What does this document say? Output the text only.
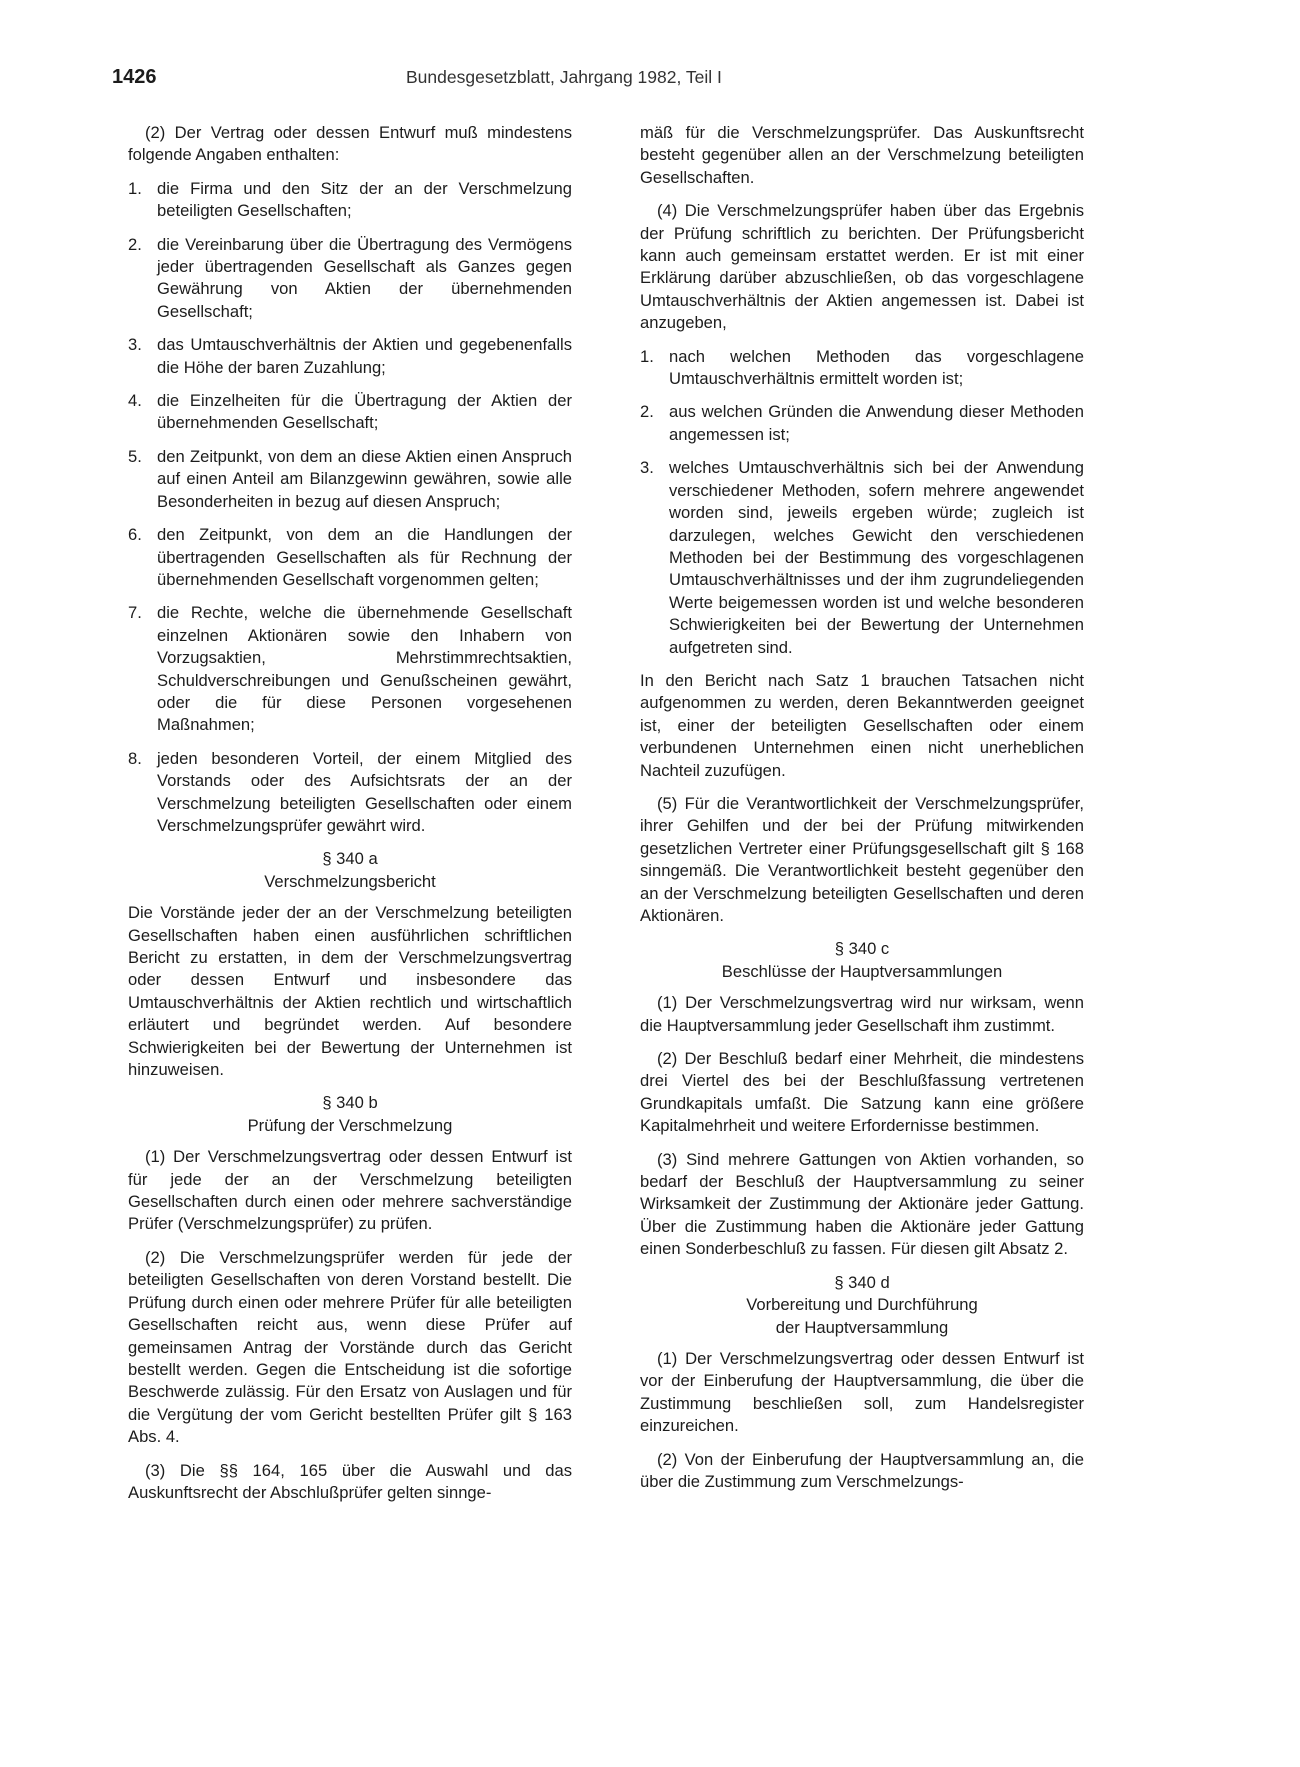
1426	Bundesgesetzblatt, Jahrgang 1982, Teil I

(2) Der Vertrag oder dessen Entwurf muß mindestens folgende Angaben enthalten:

1. die Firma und den Sitz der an der Verschmelzung beteiligten Gesellschaften;
2. die Vereinbarung über die Übertragung des Vermögens jeder übertragenden Gesellschaft als Ganzes gegen Gewährung von Aktien der übernehmenden Gesellschaft;
3. das Umtauschverhältnis der Aktien und gegebenenfalls die Höhe der baren Zuzahlung;
4. die Einzelheiten für die Übertragung der Aktien der übernehmenden Gesellschaft;
5. den Zeitpunkt, von dem an diese Aktien einen Anspruch auf einen Anteil am Bilanzgewinn gewähren, sowie alle Besonderheiten in bezug auf diesen Anspruch;
6. den Zeitpunkt, von dem an die Handlungen der übertragenden Gesellschaften als für Rechnung der übernehmenden Gesellschaft vorgenommen gelten;
7. die Rechte, welche die übernehmende Gesellschaft einzelnen Aktionären sowie den Inhabern von Vorzugsaktien, Mehrstimmrechtsaktien, Schuldverschreibungen und Genußscheinen gewährt, oder die für diese Personen vorgesehenen Maßnahmen;
8. jeden besonderen Vorteil, der einem Mitglied des Vorstands oder des Aufsichtsrats der an der Verschmelzung beteiligten Gesellschaften oder einem Verschmelzungsprüfer gewährt wird.
§ 340 a
Verschmelzungsbericht

Die Vorstände jeder der an der Verschmelzung beteiligten Gesellschaften haben einen ausführlichen schriftlichen Bericht zu erstatten, in dem der Verschmelzungsvertrag oder dessen Entwurf und insbesondere das Umtauschverhältnis der Aktien rechtlich und wirtschaftlich erläutert und begründet werden. Auf besondere Schwierigkeiten bei der Bewertung der Unternehmen ist hinzuweisen.

§ 340 b
Prüfung der Verschmelzung

(1) Der Verschmelzungsvertrag oder dessen Entwurf ist für jede der an der Verschmelzung beteiligten Gesellschaften durch einen oder mehrere sachverständige Prüfer (Verschmelzungsprüfer) zu prüfen.

(2) Die Verschmelzungsprüfer werden für jede der beteiligten Gesellschaften von deren Vorstand bestellt. Die Prüfung durch einen oder mehrere Prüfer für alle beteiligten Gesellschaften reicht aus, wenn diese Prüfer auf gemeinsamen Antrag der Vorstände durch das Gericht bestellt werden. Gegen die Entscheidung ist die sofortige Beschwerde zulässig. Für den Ersatz von Auslagen und für die Vergütung der vom Gericht bestellten Prüfer gilt § 163 Abs. 4.

(3) Die §§ 164, 165 über die Auswahl und das Auskunftsrecht der Abschlußprüfer gelten sinnge-

mäß für die Verschmelzungsprüfer. Das Auskunftsrecht besteht gegenüber allen an der Verschmelzung beteiligten Gesellschaften.

(4) Die Verschmelzungsprüfer haben über das Ergebnis der Prüfung schriftlich zu berichten. Der Prüfungsbericht kann auch gemeinsam erstattet werden. Er ist mit einer Erklärung darüber abzuschließen, ob das vorgeschlagene Umtauschverhältnis der Aktien angemessen ist. Dabei ist anzugeben,

1. nach welchen Methoden das vorgeschlagene Umtauschverhältnis ermittelt worden ist;
2. aus welchen Gründen die Anwendung dieser Methoden angemessen ist;
3. welches Umtauschverhältnis sich bei der Anwendung verschiedener Methoden, sofern mehrere angewendet worden sind, jeweils ergeben würde; zugleich ist darzulegen, welches Gewicht den verschiedenen Methoden bei der Bestimmung des vorgeschlagenen Umtauschverhältnisses und der ihm zugrundeliegenden Werte beigemessen worden ist und welche besonderen Schwierigkeiten bei der Bewertung der Unternehmen aufgetreten sind.

In den Bericht nach Satz 1 brauchen Tatsachen nicht aufgenommen zu werden, deren Bekanntwerden geeignet ist, einer der beteiligten Gesellschaften oder einem verbundenen Unternehmen einen nicht unerheblichen Nachteil zuzufügen.

(5) Für die Verantwortlichkeit der Verschmelzungsprüfer, ihrer Gehilfen und der bei der Prüfung mitwirkenden gesetzlichen Vertreter einer Prüfungsgesellschaft gilt § 168 sinngemäß. Die Verantwortlichkeit besteht gegenüber den an der Verschmelzung beteiligten Gesellschaften und deren Aktionären.

§ 340 c
Beschlüsse der Hauptversammlungen

(1) Der Verschmelzungsvertrag wird nur wirksam, wenn die Hauptversammlung jeder Gesellschaft ihm zustimmt.

(2) Der Beschluß bedarf einer Mehrheit, die mindestens drei Viertel des bei der Beschlußfassung vertretenen Grundkapitals umfaßt. Die Satzung kann eine größere Kapitalmehrheit und weitere Erfordernisse bestimmen.

(3) Sind mehrere Gattungen von Aktien vorhanden, so bedarf der Beschluß der Hauptversammlung zu seiner Wirksamkeit der Zustimmung der Aktionäre jeder Gattung. Über die Zustimmung haben die Aktionäre jeder Gattung einen Sonderbeschluß zu fassen. Für diesen gilt Absatz 2.

§ 340 d
Vorbereitung und Durchführung
der Hauptversammlung

(1) Der Verschmelzungsvertrag oder dessen Entwurf ist vor der Einberufung der Hauptversammlung, die über die Zustimmung beschließen soll, zum Handelsregister einzureichen.

(2) Von der Einberufung der Hauptversammlung an, die über die Zustimmung zum Verschmelzungs-
